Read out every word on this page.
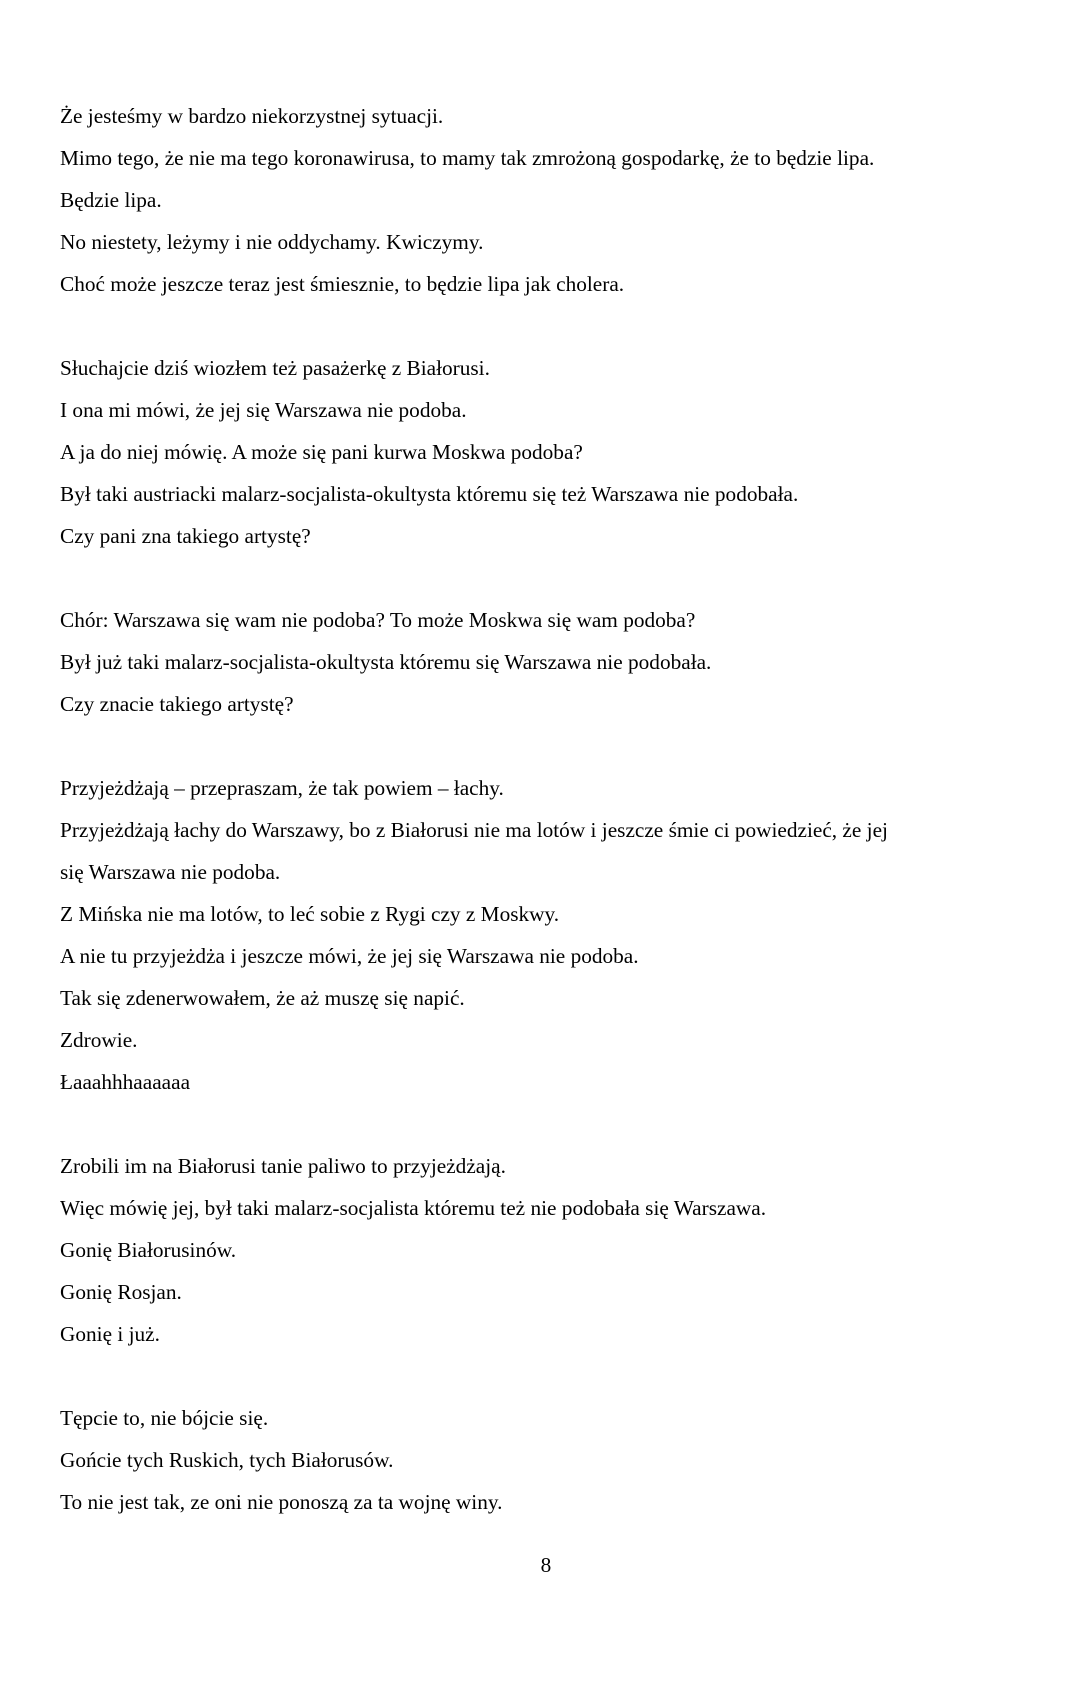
Że jesteśmy w bardzo niekorzystnej sytuacji.
Mimo tego, że nie ma tego koronawirusa, to mamy tak zmrożoną gospodarkę, że to będzie lipa.
Będzie lipa.
No niestety, leżymy i nie oddychamy. Kwiczymy.
Choć może jeszcze teraz jest śmiesznie, to będzie lipa jak cholera.
Słuchajcie dziś wiozłem też pasażerkę z Białorusi.
I ona mi mówi, że jej się Warszawa nie podoba.
A ja do niej mówię. A może się pani kurwa Moskwa podoba?
Był taki austriacki malarz-socjalista-okultysta któremu się też Warszawa nie podobała.
Czy pani zna takiego artystę?
Chór: Warszawa się wam nie podoba? To może Moskwa się wam podoba?
Był już taki malarz-socjalista-okultysta któremu się Warszawa nie podobała.
Czy znacie takiego artystę?
Przyjeżdżają – przepraszam, że tak powiem – łachy.
Przyjeżdżają łachy do Warszawy, bo z Białorusi nie ma lotów i jeszcze śmie ci powiedzieć, że jej
się Warszawa nie podoba.
Z Mińska nie ma lotów, to leć sobie z Rygi czy z Moskwy.
A nie tu przyjeżdża i jeszcze mówi, że jej się Warszawa nie podoba.
Tak się zdenerwowałem, że aż muszę się napić.
Zdrowie.
Łaaahhhaaaaaa
Zrobili im na Białorusi tanie paliwo to przyjeżdżają.
Więc mówię jej, był taki malarz-socjalista któremu też nie podobała się Warszawa.
Gonię Białorusinów.
Gonię Rosjan.
Gonię i już.
Tępcie to, nie bójcie się.
Gońcie tych Ruskich, tych Białorusów.
To nie jest tak, ze oni nie ponoszą za ta wojnę winy.
8
